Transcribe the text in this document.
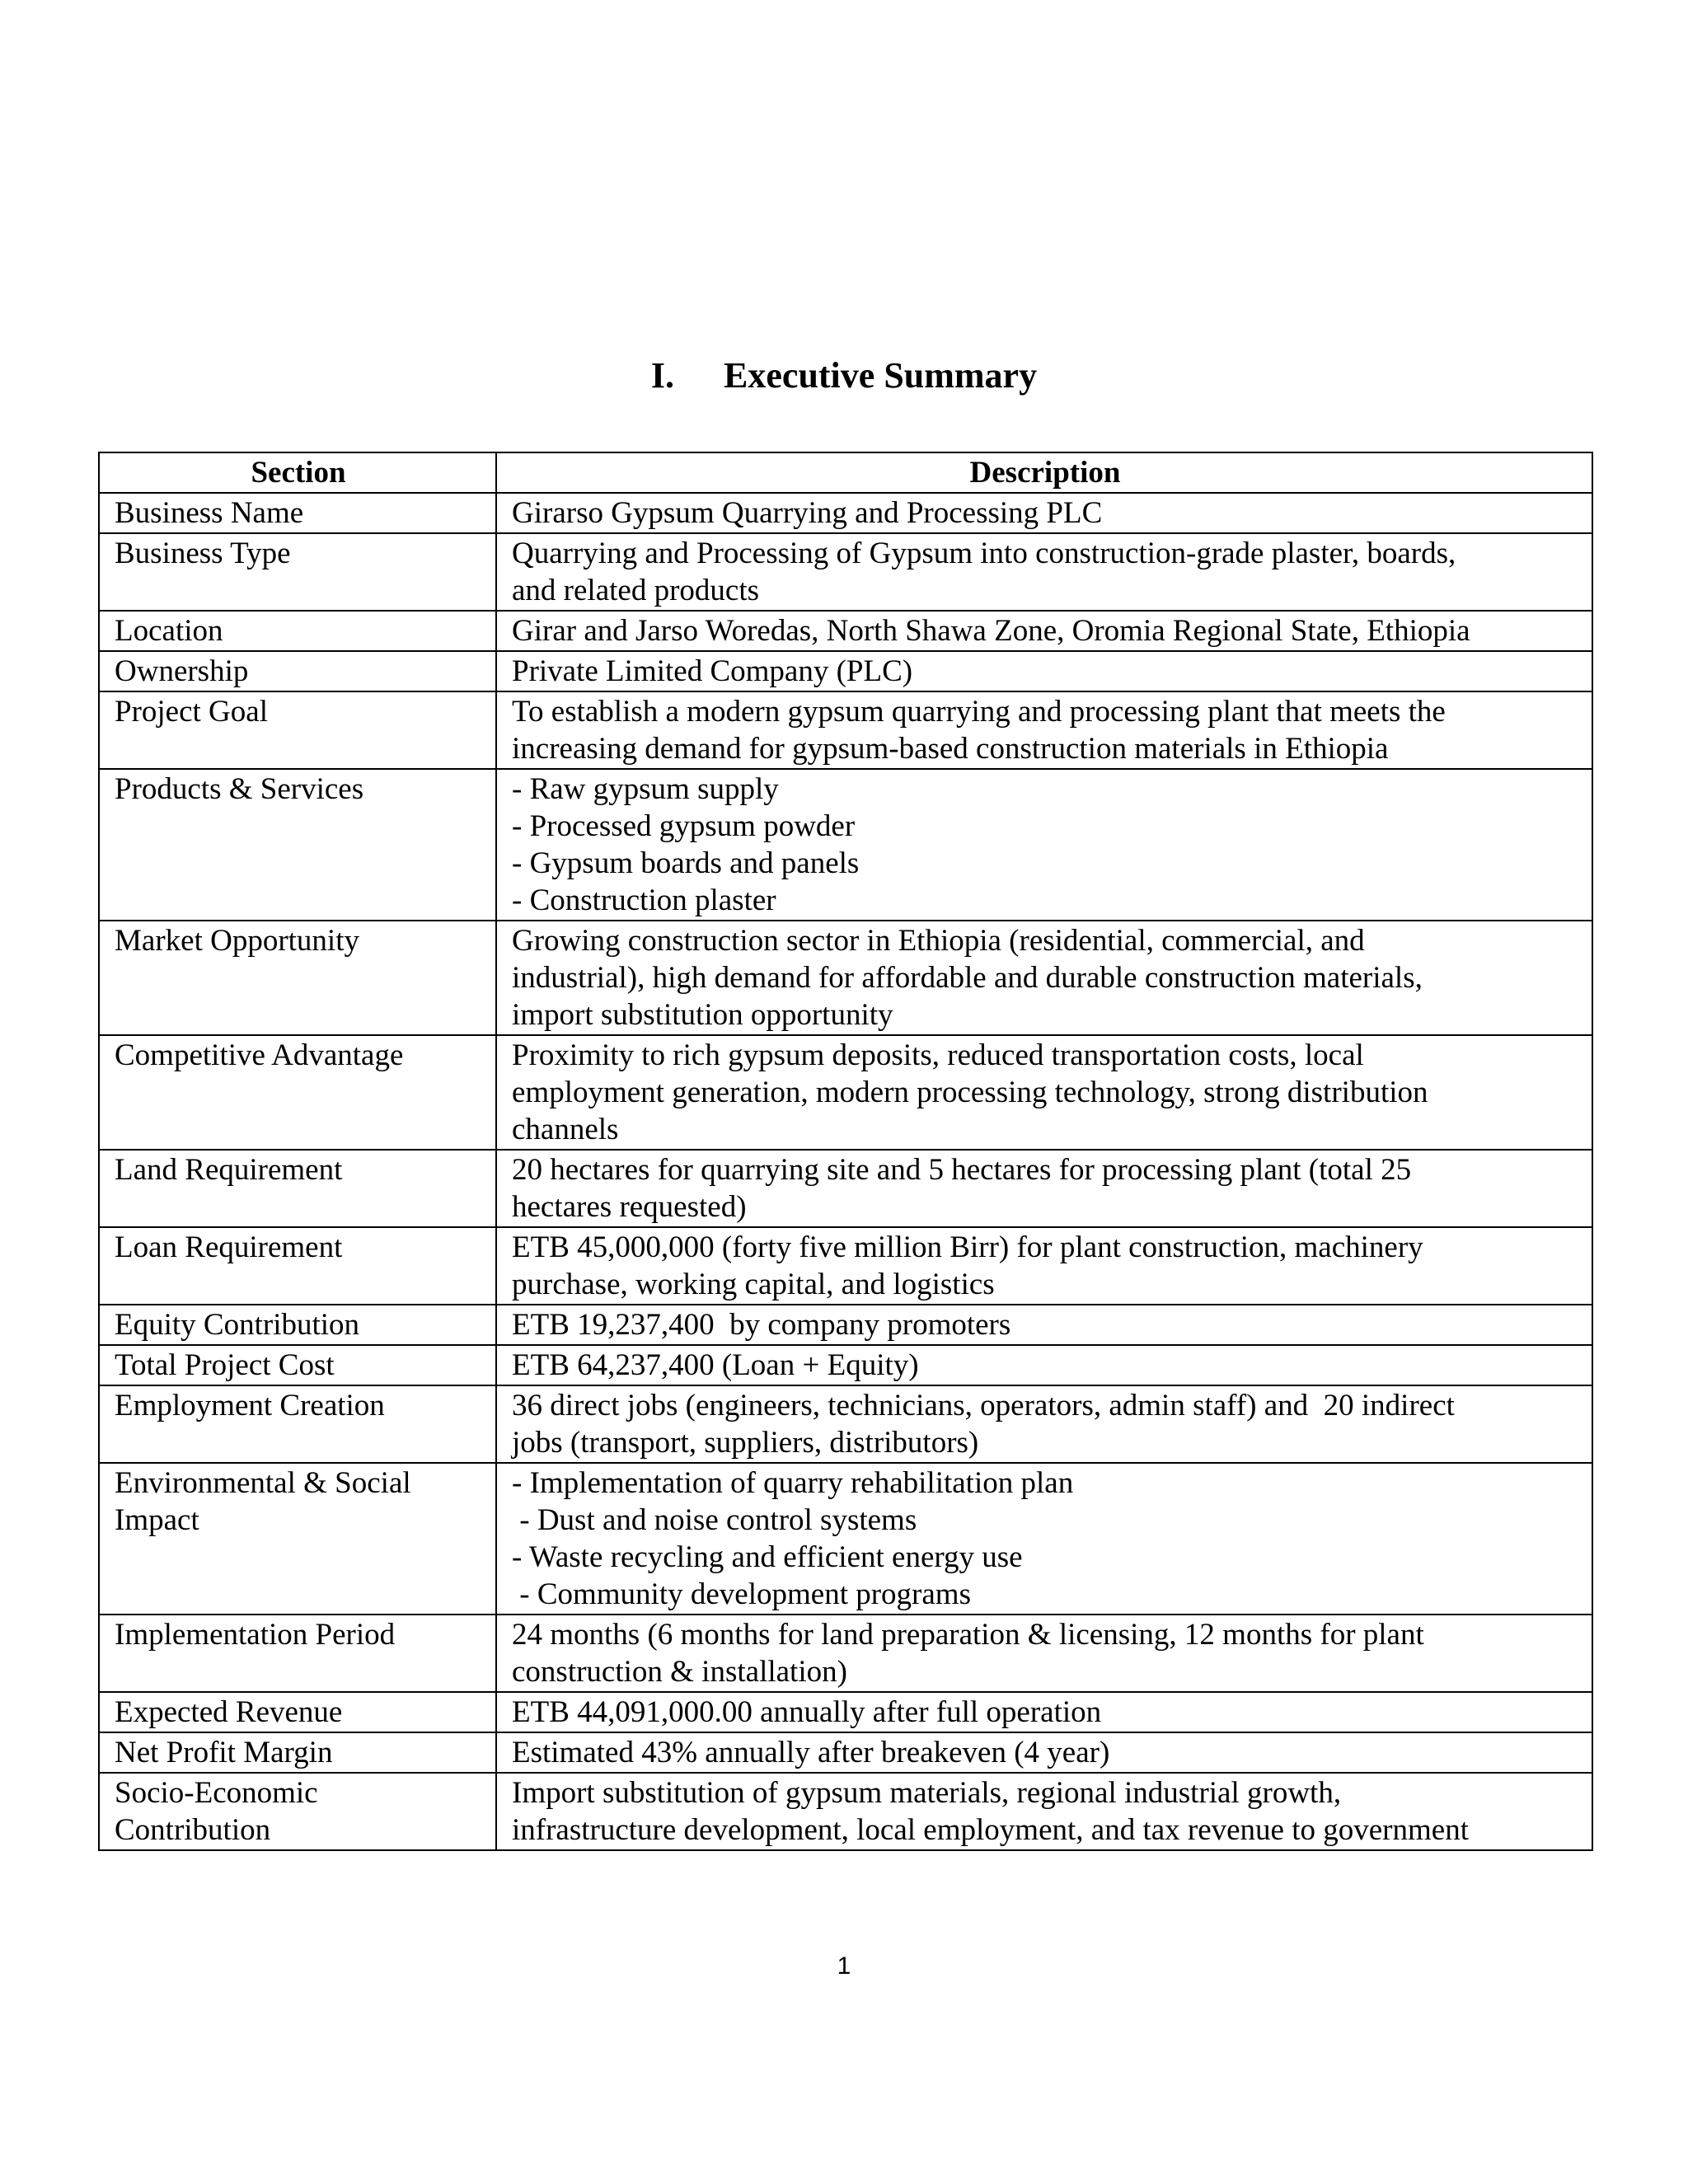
I. Executive Summary
Section	Description

Business Name	Girarso Gypsum Quarrying and Processing PLC

Business Type	Quarrying and Processing of Gypsum into construction-grade plaster, boards,
and related products

Location	Girar and Jarso Woredas, North Shawa Zone, Oromia Regional State, Ethiopia

Ownership	Private Limited Company (PLC)

Project Goal	To establish a modern gypsum quarrying and processing plant that meets the
increasing demand for gypsum-based construction materials in Ethiopia

Products & Services	- Raw gypsum supply
- Processed gypsum powder
- Gypsum boards and panels
- Construction plaster

Market Opportunity	Growing construction sector in Ethiopia (residential, commercial, and
industrial), high demand for affordable and durable construction materials,
import substitution opportunity

Competitive Advantage	Proximity to rich gypsum deposits, reduced transportation costs, local
employment generation, modern processing technology, strong distribution
channels

Land Requirement	20 hectares for quarrying site and 5 hectares for processing plant (total 25
hectares requested)

Loan Requirement	ETB 45,000,000 (forty five million Birr) for plant construction, machinery
purchase, working capital, and logistics

Equity Contribution	ETB 19,237,400  by company promoters

Total Project Cost	ETB 64,237,400 (Loan + Equity)

Employment Creation	36 direct jobs (engineers, technicians, operators, admin staff) and  20 indirect
jobs (transport, suppliers, distributors)

Environmental & Social
Impact	- Implementation of quarry rehabilitation plan
- Dust and noise control systems
- Waste recycling and efficient energy use
- Community development programs

Implementation Period	24 months (6 months for land preparation & licensing, 12 months for plant
construction & installation)

Expected Revenue	ETB 44,091,000.00 annually after full operation

Net Profit Margin	Estimated 43% annually after breakeven (4 year)

Socio-Economic
Contribution	Import substitution of gypsum materials, regional industrial growth,
infrastructure development, local employment, and tax revenue to government
1
